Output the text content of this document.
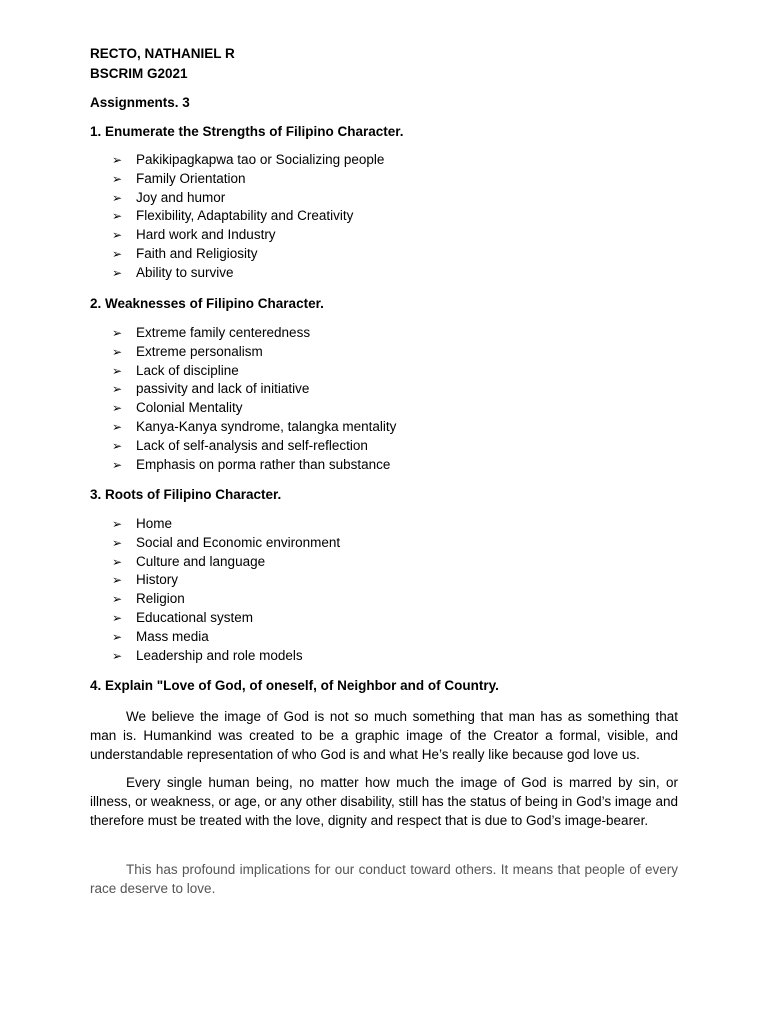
RECTO, NATHANIEL R
BSCRIM G2021
Assignments. 3
1. Enumerate the Strengths of Filipino Character.
➢ Pakikipagkapwa tao or Socializing people
➢ Family Orientation
➢ Joy and humor
➢ Flexibility, Adaptability and Creativity
➢ Hard work and Industry
➢ Faith and Religiosity
➢ Ability to survive
2. Weaknesses of Filipino Character.
➢ Extreme family centeredness
➢ Extreme personalism
➢ Lack of discipline
➢ passivity and lack of initiative
➢ Colonial Mentality
➢ Kanya-Kanya syndrome, talangka mentality
➢ Lack of self-analysis and self-reflection
➢ Emphasis on porma rather than substance
3. Roots of Filipino Character.
➢ Home
➢ Social and Economic environment
➢ Culture and language
➢ History
➢ Religion
➢ Educational system
➢ Mass media
➢ Leadership and role models
4. Explain "Love of God, of oneself, of Neighbor and of Country.

We believe the image of God is not so much something that man has as something that man is. Humankind was created to be a graphic image of the Creator a formal, visible, and understandable representation of who God is and what He’s really like because god love us.

Every single human being, no matter how much the image of God is marred by sin, or illness, or weakness, or age, or any other disability, still has the status of being in God’s image and therefore must be treated with the love, dignity and respect that is due to God’s image-bearer.

This has profound implications for our conduct toward others. It means that people of every race deserve to love.
